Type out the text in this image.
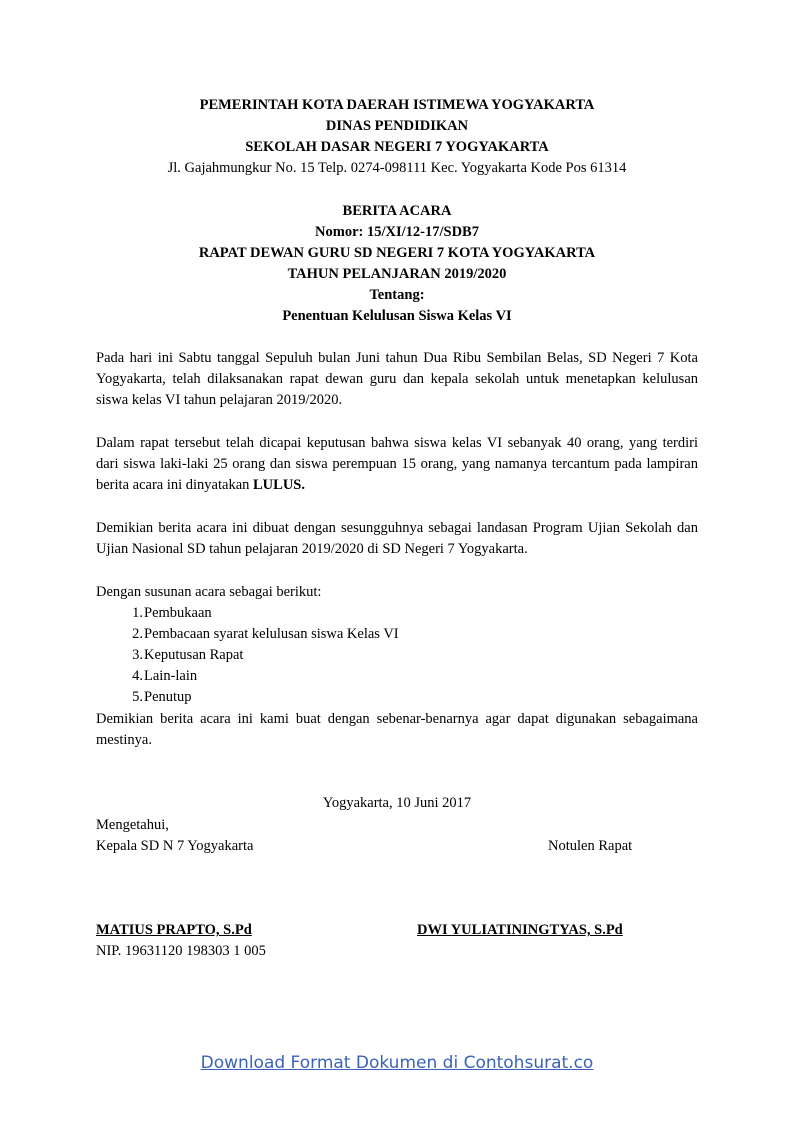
PEMERINTAH KOTA DAERAH ISTIMEWA YOGYAKARTA
DINAS PENDIDIKAN
SEKOLAH DASAR NEGERI 7 YOGYAKARTA
Jl. Gajahmungkur No. 15 Telp. 0274-098111 Kec. Yogyakarta Kode Pos 61314
BERITA ACARA
Nomor: 15/XI/12-17/SDB7
RAPAT DEWAN GURU SD NEGERI 7 KOTA YOGYAKARTA
TAHUN PELANJARAN 2019/2020
Tentang:
Penentuan Kelulusan Siswa Kelas VI
Pada hari ini Sabtu tanggal Sepuluh bulan Juni tahun Dua Ribu Sembilan Belas, SD Negeri 7 Kota Yogyakarta, telah dilaksanakan rapat dewan guru dan kepala sekolah untuk menetapkan kelulusan siswa kelas VI tahun pelajaran 2019/2020.
Dalam rapat tersebut telah dicapai keputusan bahwa siswa kelas VI sebanyak 40 orang, yang terdiri dari siswa laki-laki 25 orang dan siswa perempuan 15 orang, yang namanya tercantum pada lampiran berita acara ini dinyatakan LULUS.
Demikian berita acara ini dibuat dengan sesungguhnya sebagai landasan Program Ujian Sekolah dan Ujian Nasional SD tahun pelajaran 2019/2020 di SD Negeri 7 Yogyakarta.
Dengan susunan acara sebagai berikut:
1.Pembukaan
2.Pembacaan syarat kelulusan siswa Kelas VI
3.Keputusan Rapat
4.Lain-lain
5.Penutup
Demikian berita acara ini kami buat dengan sebenar-benarnya agar dapat digunakan sebagaimana mestinya.
Yogyakarta, 10 Juni 2017
Mengetahui,
Kepala SD N 7 Yogyakarta	Notulen Rapat
MATIUS PRAPTO, S.Pd	DWI YULIATININGTYAS, S.Pd
NIP. 19631120 198303 1 005
Download Format Dokumen di Contohsurat.co
